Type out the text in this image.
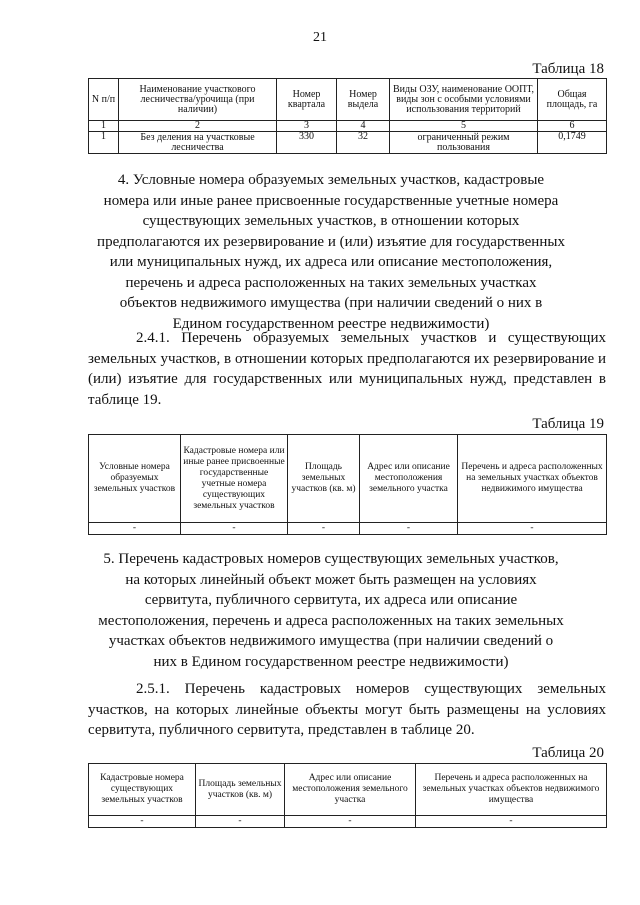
21
Таблица 18
N п/п	Наименование участкового лесничества/урочища (при наличии)	Номер квартала	Номер выдела	Виды ОЗУ, наименование ООПТ, виды зон с особыми условиями использования территорий	Общая площадь, га
1	2	3	4	5	6
1	Без деления на участковые лесничества	330	32	ограниченный режим пользования	0,1749
4. Условные номера образуемых земельных участков, кадастровые номера или иные ранее присвоенные государственные учетные номера существующих земельных участков, в отношении которых предполагаются их резервирование и (или) изъятие для государственных или муниципальных нужд, их адреса или описание местоположения, перечень и адреса расположенных на таких земельных участках объектов недвижимого имущества (при наличии сведений о них в Едином государственном реестре недвижимости)
2.4.1. Перечень образуемых земельных участков и существующих земельных участков, в отношении которых предполагаются их резервирование и (или) изъятие для государственных или муниципальных нужд, представлен в таблице 19.
Таблица 19
Условные номера образуемых земельных участков	Кадастровые номера или иные ранее присвоенные государственные учетные номера существующих земельных участков	Площадь земельных участков (кв. м)	Адрес или описание местоположения земельного участка	Перечень и адреса расположенных на земельных участках объектов недвижимого имущества
-	-	-	-	-
5. Перечень кадастровых номеров существующих земельных участков, на которых линейный объект может быть размещен на условиях сервитута, публичного сервитута, их адреса или описание местоположения, перечень и адреса расположенных на таких земельных участках объектов недвижимого имущества (при наличии сведений о них в Едином государственном реестре недвижимости)
2.5.1. Перечень кадастровых номеров существующих земельных участков, на которых линейные объекты могут быть размещены на условиях сервитута, публичного сервитута, представлен в таблице 20.
Таблица 20
Кадастровые номера существующих земельных участков	Площадь земельных участков (кв. м)	Адрес или описание местоположения земельного участка	Перечень и адреса расположенных на земельных участках объектов недвижимого имущества
-	-	-	-
